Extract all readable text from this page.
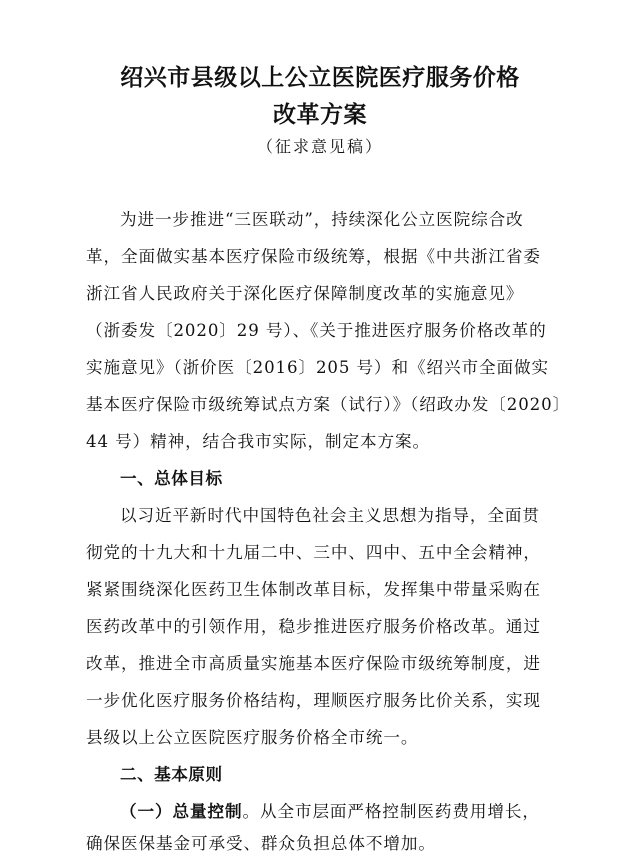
绍兴市县级以上公立医院医疗服务价格
改革方案
（征求意见稿）
为进一步推进“三医联动”，持续深化公立医院综合改
革，全面做实基本医疗保险市级统筹，根据《中共浙江省委
浙江省人民政府关于深化医疗保障制度改革的实施意见》
（浙委发〔2020〕29 号）、《关于推进医疗服务价格改革的
实施意见》（浙价医〔2016〕205 号）和《绍兴市全面做实
基本医疗保险市级统筹试点方案（试行）》（绍政办发〔2020〕
44 号）精神，结合我市实际，制定本方案。
一、总体目标
以习近平新时代中国特色社会主义思想为指导，全面贯
彻党的十九大和十九届二中、三中、四中、五中全会精神，
紧紧围绕深化医药卫生体制改革目标，发挥集中带量采购在
医药改革中的引领作用，稳步推进医疗服务价格改革。通过
改革，推进全市高质量实施基本医疗保险市级统筹制度，进
一步优化医疗服务价格结构，理顺医疗服务比价关系，实现
县级以上公立医院医疗服务价格全市统一。
二、基本原则
（一）总量控制。从全市层面严格控制医药费用增长，
确保医保基金可承受、群众负担总体不增加。
